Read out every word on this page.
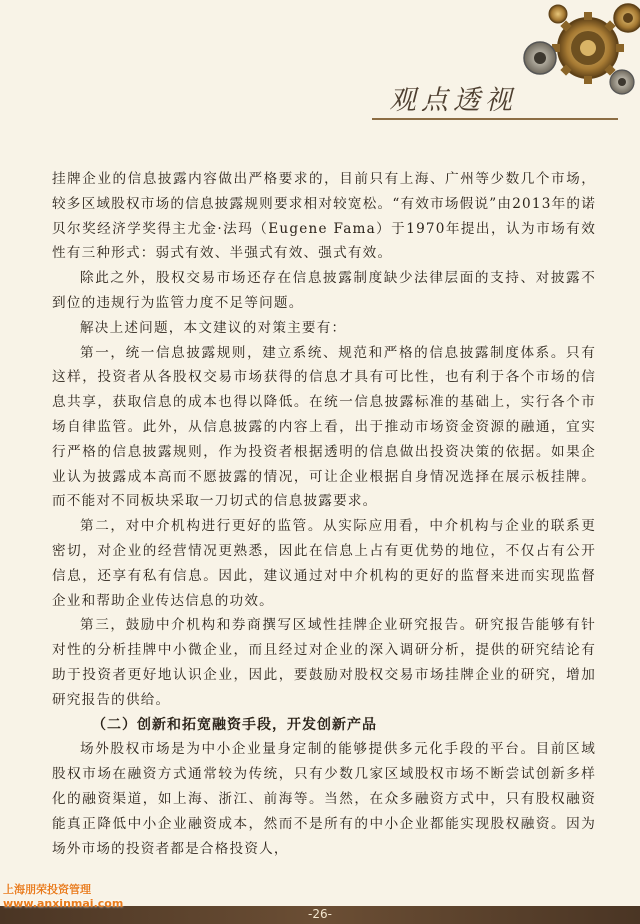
观点透视

挂牌企业的信息披露内容做出严格要求的，目前只有上海、广州等少数几个市场，较多区域股权市场的信息披露规则要求相对较宽松。“有效市场假说”由2013年的诺贝尔奖经济学奖得主尤金·法玛（Eugene Fama）于1970年提出，认为市场有效性有三种形式：弱式有效、半强式有效、强式有效。

除此之外，股权交易市场还存在信息披露制度缺少法律层面的支持、对披露不到位的违规行为监管力度不足等问题。

解决上述问题，本文建议的对策主要有：

第一，统一信息披露规则，建立系统、规范和严格的信息披露制度体系。只有这样，投资者从各股权交易市场获得的信息才具有可比性，也有利于各个市场的信息共享，获取信息的成本也得以降低。在统一信息披露标准的基础上，实行各个市场自律监管。此外，从信息披露的内容上看，出于推动市场资金资源的融通，宜实行严格的信息披露规则，作为投资者根据透明的信息做出投资决策的依据。如果企业认为披露成本高而不愿披露的情况，可让企业根据自身情况选择在展示板挂牌。而不能对不同板块采取一刀切式的信息披露要求。

第二，对中介机构进行更好的监管。从实际应用看，中介机构与企业的联系更密切，对企业的经营情况更熟悉，因此在信息上占有更优势的地位，不仅占有公开信息，还享有私有信息。因此，建议通过对中介机构的更好的监督来进而实现监督企业和帮助企业传达信息的功效。

第三，鼓励中介机构和券商撰写区域性挂牌企业研究报告。研究报告能够有针对性的分析挂牌中小微企业，而且经过对企业的深入调研分析，提供的研究结论有助于投资者更好地认识企业，因此，要鼓励对股权交易市场挂牌企业的研究，增加研究报告的供给。

（二）创新和拓宽融资手段，开发创新产品

场外股权市场是为中小企业量身定制的能够提供多元化手段的平台。目前区域股权市场在融资方式通常较为传统，只有少数几家区域股权市场不断尝试创新多样化的融资渠道，如上海、浙江、前海等。当然，在众多融资方式中，只有股权融资能真正降低中小企业融资成本，然而不是所有的中小企业都能实现股权融资。因为场外市场的投资者都是合格投资人，

-26-
上海朋荣投资管理
www.anxinmai.com
